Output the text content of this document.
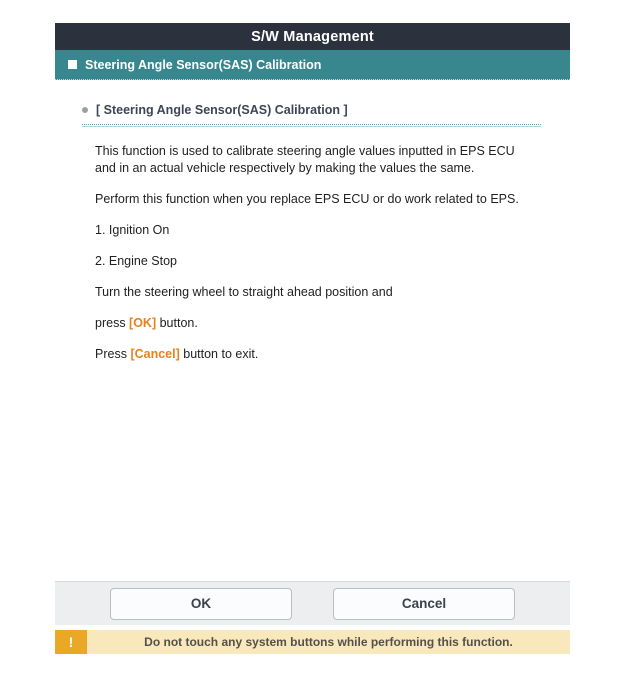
S/W Management
Steering Angle Sensor(SAS) Calibration
[ Steering Angle Sensor(SAS) Calibration ]

This function is used to calibrate steering angle values inputted in EPS ECU
and in an actual vehicle respectively by making the values the same.

Perform this function when you replace EPS ECU or do work related to EPS.

1. Ignition On

2. Engine Stop

Turn the steering wheel to straight ahead position and

press [OK] button.

Press [Cancel] button to exit.

OK	Cancel
!	Do not touch any system buttons while performing this function.
